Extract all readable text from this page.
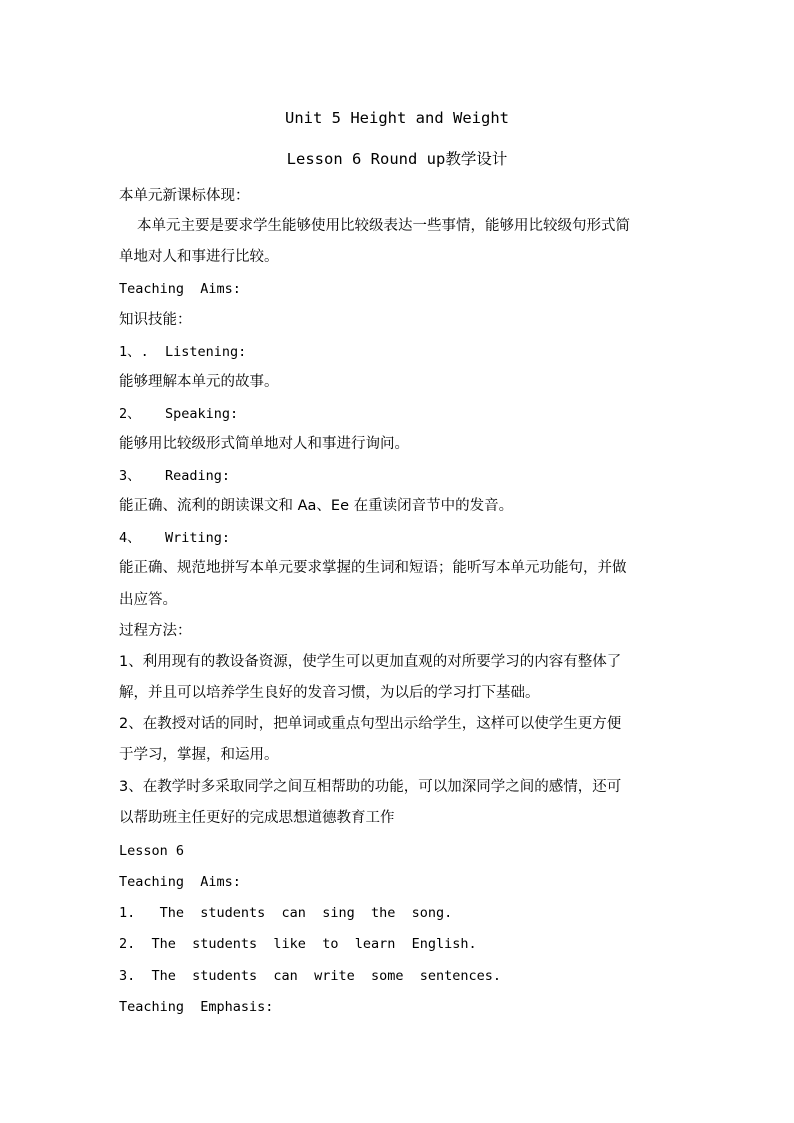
Unit 5 Height and Weight
Lesson 6 Round up教学设计
本单元新课标体现：
本单元主要是要求学生能够使用比较级表达一些事情，能够用比较级句形式简
单地对人和事进行比较。
Teaching  Aims:
知识技能：
1、.  Listening:
能够理解本单元的故事。
2、   Speaking:
能够用比较级形式简单地对人和事进行询问。
3、   Reading:
能正确、流利的朗读课文和 Aa、Ee 在重读闭音节中的发音。
4、   Writing:
能正确、规范地拼写本单元要求掌握的生词和短语；能听写本单元功能句，并做
出应答。
过程方法：
1、利用现有的教设备资源，使学生可以更加直观的对所要学习的内容有整体了
解，并且可以培养学生良好的发音习惯，为以后的学习打下基础。
2、在教授对话的同时，把单词或重点句型出示给学生，这样可以使学生更方便
于学习，掌握，和运用。
3、在教学时多采取同学之间互相帮助的功能，可以加深同学之间的感情，还可
以帮助班主任更好的完成思想道德教育工作
Lesson 6
Teaching  Aims:
1.   The  students  can  sing  the  song.
2.  The  students  like  to  learn  English.
3.  The  students  can  write  some  sentences.
Teaching  Emphasis:
